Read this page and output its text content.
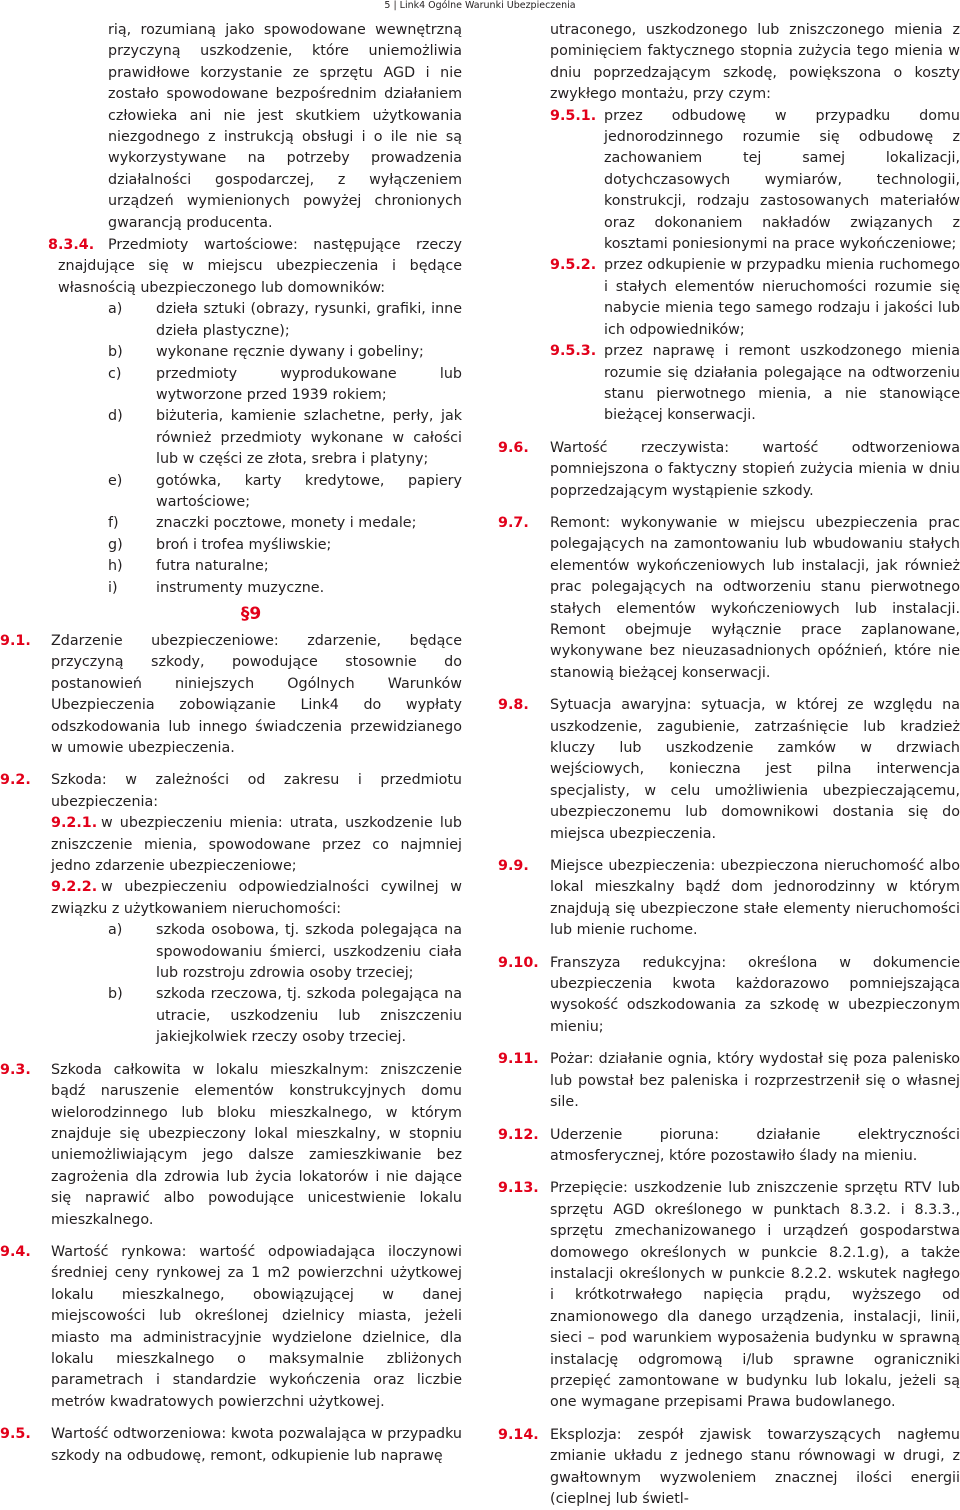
5 | Link4 Ogólne Warunki Ubezpieczenia
rią, rozumianą jako spowodowane wewnętrzną przyczyną uszkodzenie, które uniemożliwia prawidłowe korzystanie ze sprzętu AGD i nie zostało spowodowane bezpośrednim działaniem człowieka ani nie jest skutkiem użytkowania niezgodnego z instrukcją obsługi i o ile nie są wykorzystywane na potrzeby prowadzenia działalności gospodarczej, z wyłączeniem urządzeń wymienionych powyżej chronionych gwarancją producenta.
8.3.4. Przedmioty wartościowe: następujące rzeczy znajdujące się w miejscu ubezpieczenia i będące własnością ubezpieczonego lub domowników:
a) dzieła sztuki (obrazy, rysunki, grafiki, inne dzieła plastyczne);
b) wykonane ręcznie dywany i gobeliny;
c) przedmioty wyprodukowane lub wytworzone przed 1939 rokiem;
d) biżuteria, kamienie szlachetne, perły, jak również przedmioty wykonane w całości lub w części ze złota, srebra i platyny;
e) gotówka, karty kredytowe, papiery wartościowe;
f)	znaczki pocztowe, monety i medale;
g) broń i trofea myśliwskie;
h) futra naturalne;
i)	instrumenty muzyczne.
§9
9.1. Zdarzenie ubezpieczeniowe: zdarzenie, będące przyczyną szkody, powodujące stosownie do postanowień niniejszych Ogólnych Warunków Ubezpieczenia zobowiązanie Link4 do wypłaty odszkodowania lub innego świadczenia przewidzianego w umowie ubezpieczenia.
9.2. Szkoda: w zależności od zakresu i przedmiotu ubezpieczenia:
9.2.1. w ubezpieczeniu mienia: utrata, uszkodzenie lub zniszczenie mienia, spowodowane przez co najmniej jedno zdarzenie ubezpieczeniowe;
9.2.2. w ubezpieczeniu odpowiedzialności cywilnej w związku z użytkowaniem nieruchomości:
a) szkoda osobowa, tj. szkoda polegająca na spowodowaniu śmierci, uszkodzeniu ciała lub rozstroju zdrowia osoby trzeciej;
b) szkoda rzeczowa, tj. szkoda polegająca na utracie, uszkodzeniu lub zniszczeniu jakiejkolwiek rzeczy osoby trzeciej.
9.3. Szkoda całkowita w lokalu mieszkalnym: zniszczenie bądź naruszenie elementów konstrukcyjnych domu wielorodzinnego lub bloku mieszkalnego, w którym znajduje się ubezpieczony lokal mieszkalny, w stopniu uniemożliwiającym jego dalsze zamieszkiwanie bez zagrożenia dla zdrowia lub życia lokatorów i nie dające się naprawić albo powodujące unicestwienie lokalu mieszkalnego.
9.4. Wartość rynkowa: wartość odpowiadająca iloczynowi średniej ceny rynkowej za 1 m2 powierzchni użytkowej lokalu mieszkalnego, obowiązującej w danej miejscowości lub określonej dzielnicy miasta, jeżeli miasto ma administracyjnie wydzielone dzielnice, dla lokalu mieszkalnego o maksymalnie zbliżonych parametrach i standardzie wykończenia oraz liczbie metrów kwadratowych powierzchni użytkowej.
9.5. Wartość odtworzeniowa: kwota pozwalająca w przypadku szkody na odbudowę, remont, odkupienie lub naprawę
utraconego, uszkodzonego lub zniszczonego mienia z pominięciem faktycznego stopnia zużycia tego mienia w dniu poprzedzającym szkodę, powiększona o koszty zwykłego montażu, przy czym:
9.5.1. przez odbudowę w przypadku domu jednorodzinnego rozumie się odbudowę z zachowaniem tej samej lokalizacji, dotychczasowych wymiarów, technologii, konstrukcji, rodzaju zastosowanych materiałów oraz dokonaniem nakładów związanych z kosztami poniesionymi na prace wykończeniowe;
9.5.2. przez odkupienie w przypadku mienia ruchomego i stałych elementów nieruchomości rozumie się nabycie mienia tego samego rodzaju i jakości lub ich odpowiedników;
9.5.3. przez naprawę i remont uszkodzonego mienia rozumie się działania polegające na odtworzeniu stanu pierwotnego mienia, a nie stanowiące bieżącej konserwacji.
9.6. Wartość rzeczywista: wartość odtworzeniowa pomniejszona o faktyczny stopień zużycia mienia w dniu poprzedzającym wystąpienie szkody.
9.7. Remont: wykonywanie w miejscu ubezpieczenia prac polegających na zamontowaniu lub wbudowaniu stałych elementów wykończeniowych lub instalacji, jak również prac polegających na odtworzeniu stanu pierwotnego stałych elementów wykończeniowych lub instalacji. Remont obejmuje wyłącznie prace zaplanowane, wykonywane bez nieuzasadnionych opóźnień, które nie stanowią bieżącej konserwacji.
9.8. Sytuacja awaryjna: sytuacja, w której ze względu na uszkodzenie, zagubienie, zatrzaśnięcie lub kradzież kluczy lub uszkodzenie zamków w drzwiach wejściowych, konieczna jest pilna interwencja specjalisty, w celu umożliwienia ubezpieczającemu, ubezpieczonemu lub domownikowi dostania się do miejsca ubezpieczenia.
9.9. Miejsce ubezpieczenia: ubezpieczona nieruchomość albo lokal mieszkalny bądź dom jednorodzinny w którym znajdują się ubezpieczone stałe elementy nieruchomości lub mienie ruchome.
9.10. Franszyza redukcyjna: określona w dokumencie ubezpieczenia kwota każdorazowo pomniejszająca wysokość odszkodowania za szkodę w ubezpieczonym mieniu;
9.11. Pożar: działanie ognia, który wydostał się poza palenisko lub powstał bez paleniska i rozprzestrzenił się o własnej sile.
9.12. Uderzenie pioruna: działanie elektryczności atmosferycznej, które pozostawiło ślady na mieniu.
9.13. Przepięcie: uszkodzenie lub zniszczenie sprzętu RTV lub sprzętu AGD określonego w punktach 8.3.2. i 8.3.3., sprzętu zmechanizowanego i urządzeń gospodarstwa domowego określonych w punkcie 8.2.1.g), a także instalacji określonych w punkcie 8.2.2. wskutek nagłego i krótkotrwałego napięcia prądu, wyższego od znamionowego dla danego urządzenia, instalacji, linii, sieci – pod warunkiem wyposażenia budynku w sprawną instalację odgromową i/lub sprawne ograniczniki przepięć zamontowane w budynku lub lokalu, jeżeli są one wymagane przepisami Prawa budowlanego.
9.14. Eksplozja: zespół zjawisk towarzyszących nagłemu zmianie układu z jednego stanu równowagi w drugi, z gwałtownym wyzwoleniem znacznej ilości energii (cieplnej lub świetl-
